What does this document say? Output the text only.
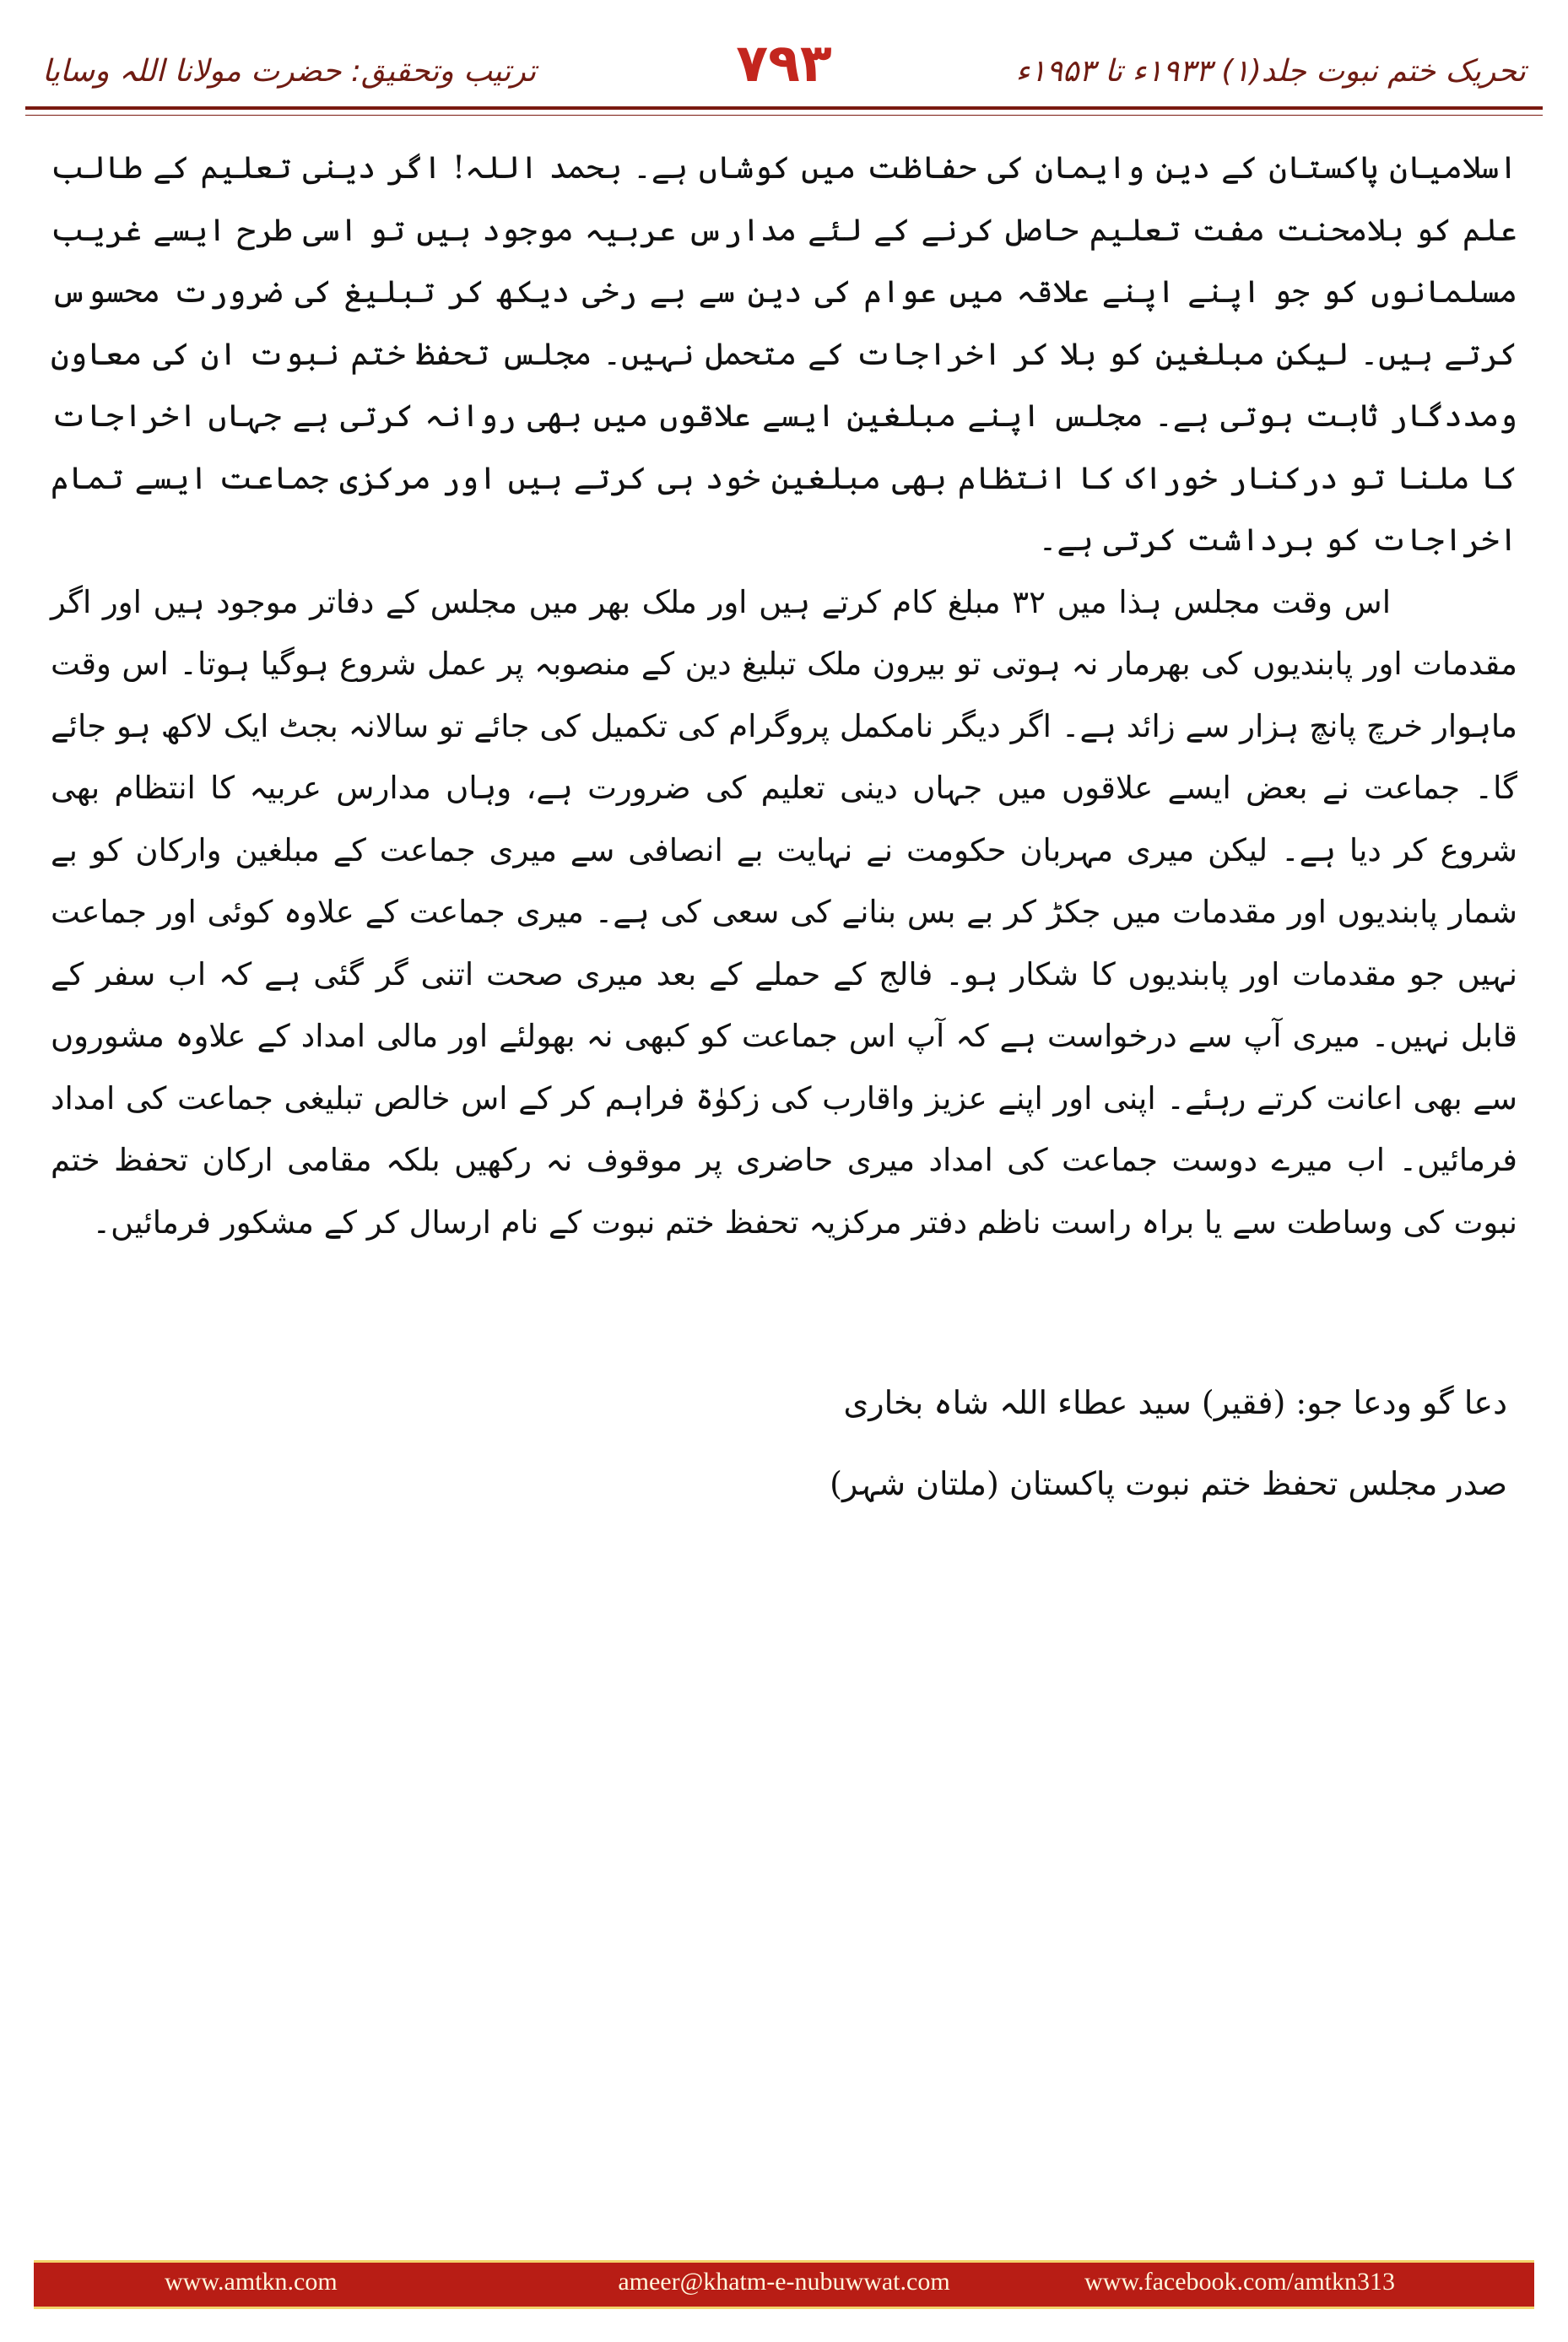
تحریک ختم نبوت جلد(۱) ۱۹۳۳ء تا ۱۹۵۳ء
۷۹۳
ترتیب وتحقیق: حضرت مولانا اللہ وسایا

اسلامیان پاکستان کے دین وایمان کی حفاظت میں کوشاں ہے۔ بحمد اللہ! اگر دینی تعلیم کے طالب علم کو بلامحنت مفت تعلیم حاصل کرنے کے لئے مدارس عربیہ موجود ہیں تو اسی طرح ایسے غریب مسلمانوں کو جو اپنے اپنے علاقہ میں عوام کی دین سے بے رخی دیکھ کر تبلیغ کی ضرورت محسوس کرتے ہیں۔ لیکن مبلغین کو بلا کر اخراجات کے متحمل نہیں۔ مجلس تحفظ ختم نبوت ان کی معاون ومددگار ثابت ہوتی ہے۔ مجلس اپنے مبلغین ایسے علاقوں میں بھی روانہ کرتی ہے جہاں اخراجات کا ملنا تو درکنار خوراک کا انتظام بھی مبلغین خود ہی کرتے ہیں اور مرکزی جماعت ایسے تمام اخراجات کو برداشت کرتی ہے۔

اس وقت مجلس ہذا میں ۳۲ مبلغ کام کرتے ہیں اور ملک بھر میں مجلس کے دفاتر موجود ہیں اور اگر مقدمات اور پابندیوں کی بھرمار نہ ہوتی تو بیرون ملک تبلیغ دین کے منصوبہ پر عمل شروع ہوگیا ہوتا۔ اس وقت ماہوار خرچ پانچ ہزار سے زائد ہے۔ اگر دیگر نامکمل پروگرام کی تکمیل کی جائے تو سالانہ بجٹ ایک لاکھ ہو جائے گا۔ جماعت نے بعض ایسے علاقوں میں جہاں دینی تعلیم کی ضرورت ہے، وہاں مدارس عربیہ کا انتظام بھی شروع کر دیا ہے۔ لیکن میری مہربان حکومت نے نہایت بے انصافی سے میری جماعت کے مبلغین وارکان کو بے شمار پابندیوں اور مقدمات میں جکڑ کر بے بس بنانے کی سعی کی ہے۔ میری جماعت کے علاوہ کوئی اور جماعت نہیں جو مقدمات اور پابندیوں کا شکار ہو۔ فالج کے حملے کے بعد میری صحت اتنی گر گئی ہے کہ اب سفر کے قابل نہیں۔ میری آپ سے درخواست ہے کہ آپ اس جماعت کو کبھی نہ بھولئے اور مالی امداد کے علاوہ مشوروں سے بھی اعانت کرتے رہئے۔ اپنی اور اپنے عزیز واقارب کی زکوٰۃ فراہم کر کے اس خالص تبلیغی جماعت کی امداد فرمائیں۔ اب میرے دوست جماعت کی امداد میری حاضری پر موقوف نہ رکھیں بلکہ مقامی ارکان تحفظ ختم نبوت کی وساطت سے یا براہ راست ناظم دفتر مرکزیہ تحفظ ختم نبوت کے نام ارسال کر کے مشکور فرمائیں۔

دعا گو ودعا جو: (فقیر) سید عطاء اللہ شاہ بخاری
صدر مجلس تحفظ ختم نبوت پاکستان (ملتان شہر)
www.amtkn.com	ameer@khatm-e-nubuwwat.com	www.facebook.com/amtkn313
